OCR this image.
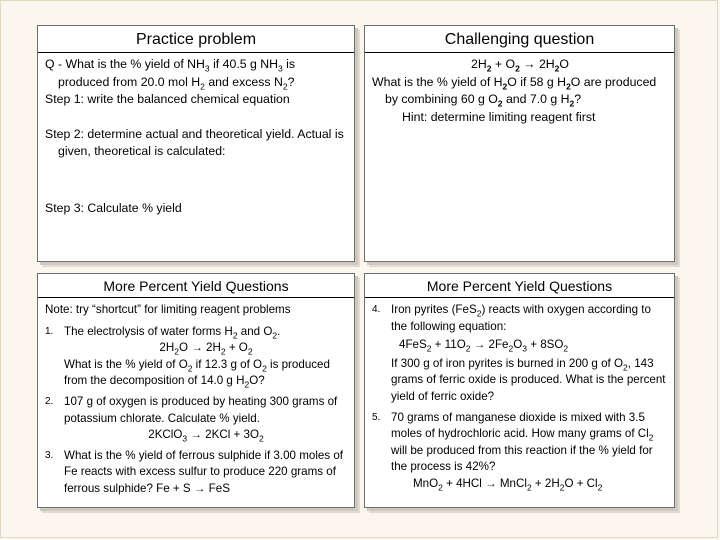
Practice problem
Q - What is the % yield of $NH_3$ if 40.5 g $NH_3$ is produced from 20.0 mol $H_2$ and excess $N_2$?
Step 1: write the balanced chemical equation
Step 2: determine actual and theoretical yield. Actual is given, theoretical is calculated:
Step 3: Calculate % yield
Challenging question
$2H_2 + O_2 \to 2H_2O$
What is the % yield of $H_2O$ if 58 g $H_2O$ are produced by combining 60 g $O_2$ and 7.0 g $H_2$?
Hint: determine limiting reagent first
More Percent Yield Questions
Note: try “shortcut” for limiting reagent problems
1. The electrolysis of water forms $H_2$ and $O_2$.
$2H_2O \to 2H_2 + O_2$
What is the % yield of $O_2$ if 12.3 g of $O_2$ is produced from the decomposition of 14.0 g $H_2O$?
2. 107 g of oxygen is produced by heating 300 grams of potassium chlorate. Calculate % yield.
2KClO$_3$ → $2KCl + 3O_2$
3. What is the % yield of ferrous sulphide if 3.00 moles of Fe reacts with excess sulfur to produce 220 grams of ferrous sulphide? Fe + S → FeS
More Percent Yield Questions
4. Iron pyrites (FeS$_2$) reacts with oxygen according to the following equation:
$4FeS_2 + 11O_2 \to 2Fe_2O_3 + 8SO_2$
If 300 g of iron pyrites is burned in 200 g of $O_2$, 143 grams of ferric oxide is produced. What is the percent yield of ferric oxide?
5. 70 grams of manganese dioxide is mixed with 3.5 moles of hydrochloric acid. How many grams of $Cl_2$ will be produced from this reaction if the % yield for the process is 42%?
MnO$_2$ + 4HCl → MnCl$_2$ + $2H_2O + Cl_2$
